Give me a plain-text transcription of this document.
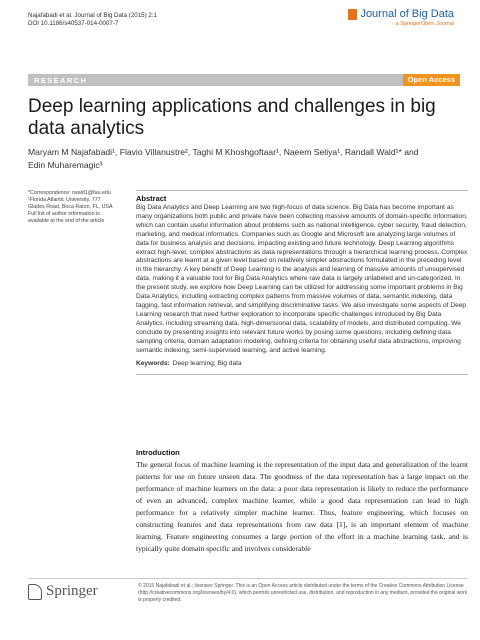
Najafabadi et al. Journal of Big Data (2015) 2:1
DOI 10.1186/s40537-014-0007-7
Journal of Big Data
a SpringerOpen Journal
RESEARCH	Open Access
Deep learning applications and challenges in big data analytics
Maryam M Najafabadi¹, Flavio Villanustre², Taghi M Khoshgoftaar¹, Naeem Seliya¹, Randall Wald¹* and Edin Muharemagic³

*Correspondence: rwald1@fau.edu

¹Florida Atlantic University, 777 Glades Road, Boca Raton, FL, USA

Full list of author information is available at the end of the article

Abstract
Big Data Analytics and Deep Learning are two high-focus of data science. Big Data has become important as many organizations both public and private have been collecting massive amounts of domain-specific information, which can contain useful information about problems such as national intelligence, cyber security, fraud detection, marketing, and medical informatics. Companies such as Google and Microsoft are analyzing large volumes of data for business analysis and decisions, impacting existing and future technology. Deep Learning algorithms extract high-level, complex abstractions as data representations through a hierarchical learning process. Complex abstractions are learnt at a given level based on relatively simpler abstractions formulated in the preceding level in the hierarchy. A key benefit of Deep Learning is the analysis and learning of massive amounts of unsupervised data, making it a valuable tool for Big Data Analytics where raw data is largely unlabeled and un-categorized. In the present study, we explore how Deep Learning can be utilized for addressing some important problems in Big Data Analytics, including extracting complex patterns from massive volumes of data, semantic indexing, data tagging, fast information retrieval, and simplifying discriminative tasks. We also investigate some aspects of Deep Learning research that need further exploration to incorporate specific challenges introduced by Big Data Analytics, including streaming data, high-dimensional data, scalability of models, and distributed computing. We conclude by presenting insights into relevant future works by posing some questions, including defining data sampling criteria, domain adaptation modeling, defining criteria for obtaining useful data abstractions, improving semantic indexing, semi-supervised learning, and active learning.
Keywords: Deep learning; Big data
Introduction
The general focus of machine learning is the representation of the input data and generalization of the learnt patterns for use on future unseen data. The goodness of the data representation has a large impact on the performance of machine learners on the data: a poor data representation is likely to reduce the performance of even an advanced, complex machine learner, while a good data representation can lead to high performance for a relatively simpler machine learner. Thus, feature engineering, which focuses on constructing features and data representations from raw data [1], is an important element of machine learning. Feature engineering consumes a large portion of the effort in a machine learning task, and is typically quite domain specific and involves considerable
Springer	© 2015 Najafabadi et al.; licensee Springer. This is an Open Access article distributed under the terms of the Creative Commons Attribution License (http://creativecommons.org/licenses/by/4.0), which permits unrestricted use, distribution, and reproduction in any medium, provided the original work is properly credited.
